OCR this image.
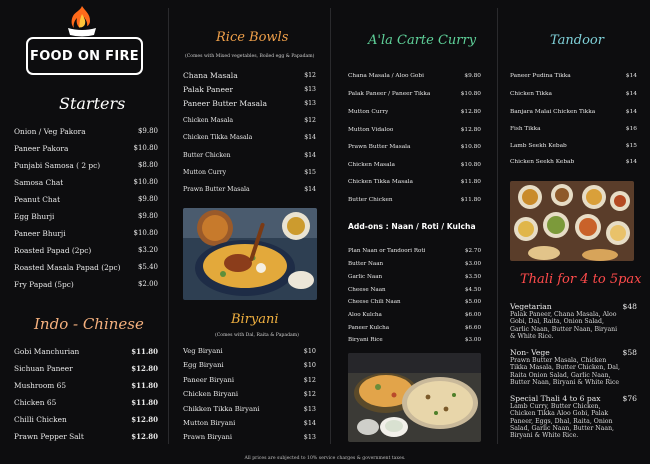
FOOD ON FIRE
Starters
Onion / Veg Pakora	$9.80
Paneer Pakora	$10.80
Punjabi Samosa ( 2 pc)	$8.80
Samosa Chat	$10.80
Peanut Chat	$9.80
Egg Bhurji	$9.80
Paneer Bhurji	$10.80
Roasted Papad (2pc)	$3.20
Roasted Masala Papad (2pc) $5.40
Fry Papad (5pc)	$2.00
Indo - Chinese
Gobi Manchurian	$11.80
Sichuan Paneer	$12.80
Mushroom 65	$11.80
Chicken 65	$11.80
Chilli Chicken	$12.80
Prawn Pepper Salt	$12.80
Rice Bowls
(Comes with Mixed vegetables, Boiled egg & Papadam)
Chana Masala	$12
Palak Paneer	$13
Paneer Butter Masala	$13
Chicken Masala	$12
Chicken Tikka Masala	$14
Butter Chicken	$14
Mutton Curry	$15
Prawn Butter Masala	$14
Biryani
(Comes with Dal, Raita & Papadam)
Veg Biryani	$10
Egg Biryani	$10
Paneer Biryani	$12
Chicken Biryani	$12
Chikken Tikka Biryani	$13
Mutton Biryani	$14
Prawn Biryani	$13
A'la Carte Curry
Chana Masala / Aloo Gobi	$9.80
Palak Paneer / Paneer Tikka	$10.80
Mutton Curry	$12.80
Mutton Vidaloo	$12.80
Prawn Butter Masala	$10.80
Chicken Masala	$10.80
Chicken Tikka Masala	$11.80
Butter Chicken	$11.80
Add-ons : Naan / Roti / Kulcha
Plan Naan or Tandoori Roti	$2.70
Butter Naan	$3.00
Garlic Naan	$3.50
Cheese Naan	$4.50
Cheese Chili Naan	$5.00
Aloo Kulcha	$6.00
Paneer Kulcha	$6.60
Biryani Rice	$3.00
Tandoor
Paneer Pudina Tikka	$14
Chicken Tikka	$14
Banjara Malai Chicken Tikka	$14
Fish Tikka	$16
Lamb Seekh Kebab	$15
Chicken Seekh Kebab	$14
Thali for 4 to 5pax
Vegetarian	$48
Palak Paneer, Chana Masala, Aloo Gobi, Dal, Raita, Onion Salad, Garlic Naan, Butter Naan, Biryani & White Rice.
Non- Vege	$58
Prawn Butter Masala, Chicken Tikka Masala, Butter Chicken, Dal, Raita Onion Salad, Garlic Naan, Butter Naan, Biryani & White Rice
Special Thali 4 to 6 pax	$76
Lamb Curry, Butter Chicken, Chicken Tikka Aloo Gobi, Palak Paneer, Eggs, Dhal, Raita, Onion Salad, Garlic Naan, Butter Naan, Biryani & White Rice.
All prices are subjected to 10% service charges & government taxes.
